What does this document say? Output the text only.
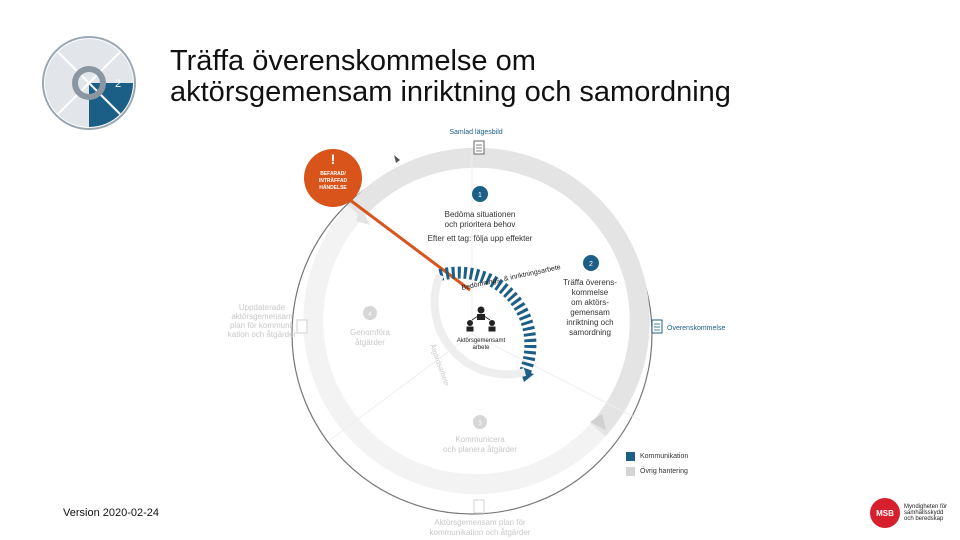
Träffa överenskommelse om
aktörsgemensam inriktning och samordning
2
!
BEFARAD/
INTRÄFFAD
HÄNDELSE
Samlad lägesbild
1
Bedöma situationen
och prioritera behov
Efter ett tag: följa upp effekter
2
Träffa överens-
kommelse
om aktörs-
gemensam
inriktning och
samordning	Överenskommelse
3
Kommunicera
och planera åtgärder
4
Genomföra
åtgärder
Uppdaterade
aktörsgemensam
plan för kommuni-
kation och åtgärder
Aktörsgemensam plan för
kommunikation och åtgärder
Bedömnings- & inriktningsarbete
Åtgärdsarbete
Aktörsgemensamt
arbete
Kommunikation
Övrig hantering
Version 2020-02-24	MSB
Myndigheten för
samhällsskydd
och beredskap
